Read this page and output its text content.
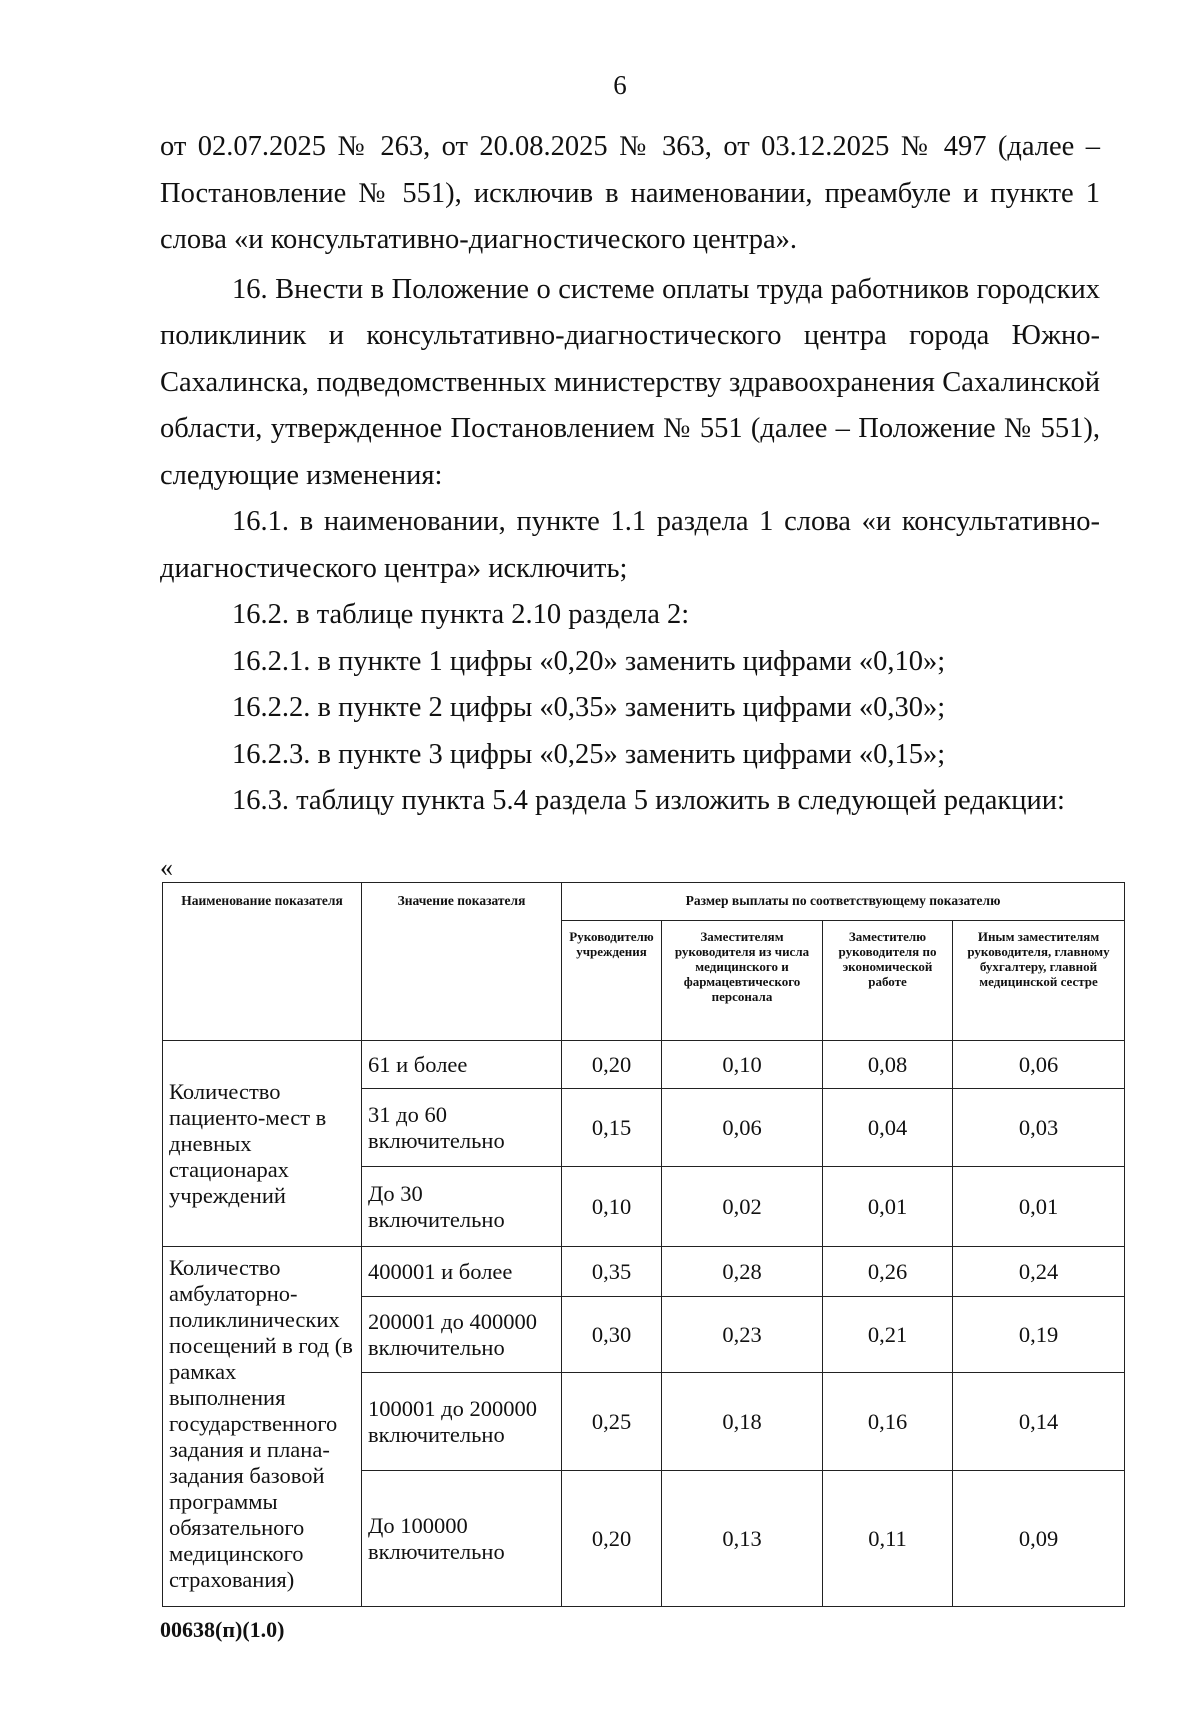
6

от 02.07.2025 № 263, от 20.08.2025 № 363, от 03.12.2025 № 497 (далее – Постановление № 551), исключив в наименовании, преамбуле и пункте 1 слова «и консультативно-диагностического центра».

16. Внести в Положение о системе оплаты труда работников городских поликлиник и консультативно-диагностического центра города Южно-Сахалинска, подведомственных министерству здравоохранения Сахалинской области, утвержденное Постановлением № 551 (далее – Положение № 551), следующие изменения:

16.1. в наименовании, пункте 1.1 раздела 1 слова «и консультативно-диагностического центра» исключить;

16.2. в таблице пункта 2.10 раздела 2:

16.2.1. в пункте 1 цифры «0,20» заменить цифрами «0,10»;

16.2.2. в пункте 2 цифры «0,35» заменить цифрами «0,30»;

16.2.3. в пункте 3 цифры «0,25» заменить цифрами «0,15»;

16.3. таблицу пункта 5.4 раздела 5 изложить в следующей редакции:

«
Наименование показателя	Значение показателя	Размер выплаты по соответствующему показателю			
		Руководителю учреждения	Заместителям руководителя из числа медицинского и фармацевтического персонала	Заместителю руководителя по экономической работе	Иным заместителям руководителя, главному бухгалтеру, главной медицинской сестре
Количество пациенто-мест в дневных стационарах учреждений	61 и более	0,20	0,10	0,08	0,06
	31 до 60 включительно	0,15	0,06	0,04	0,03
	До 30 включительно	0,10	0,02	0,01	0,01
Количество амбулаторно-поликлинических посещений в год (в рамках выполнения государственного задания и плана-задания базовой программы обязательного медицинского страхования)	400001 и более	0,35	0,28	0,26	0,24
	200001 до 400000 включительно	0,30	0,23	0,21	0,19
	100001 до 200000 включительно	0,25	0,18	0,16	0,14
	До 100000 включительно	0,20	0,13	0,11	0,09
00638(п)(1.0)
